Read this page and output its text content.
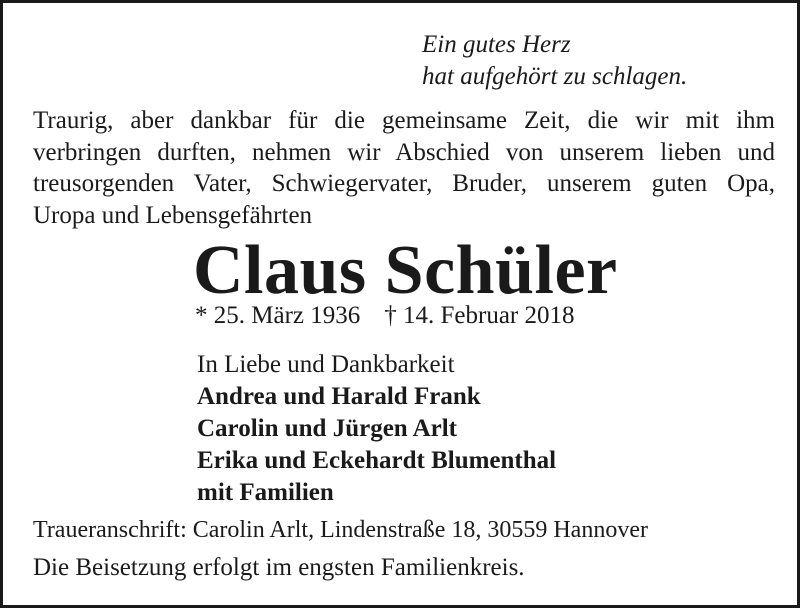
Ein gutes Herz
hat aufgehört zu schlagen.
Traurig, aber dankbar für die gemeinsame Zeit, die wir mit ihm
verbringen durften, nehmen wir Abschied von unserem lieben und
treusorgenden Vater, Schwiegervater, Bruder, unserem guten Opa,
Uropa und Lebensgefährten
Claus Schüler
* 25. März 1936 † 14. Februar 2018
In Liebe und Dankbarkeit
Andrea und Harald Frank
Carolin und Jürgen Arlt
Erika und Eckehardt Blumenthal
mit Familien
Traueranschrift: Carolin Arlt, Lindenstraße 18, 30559 Hannover
Die Beisetzung erfolgt im engsten Familienkreis.
